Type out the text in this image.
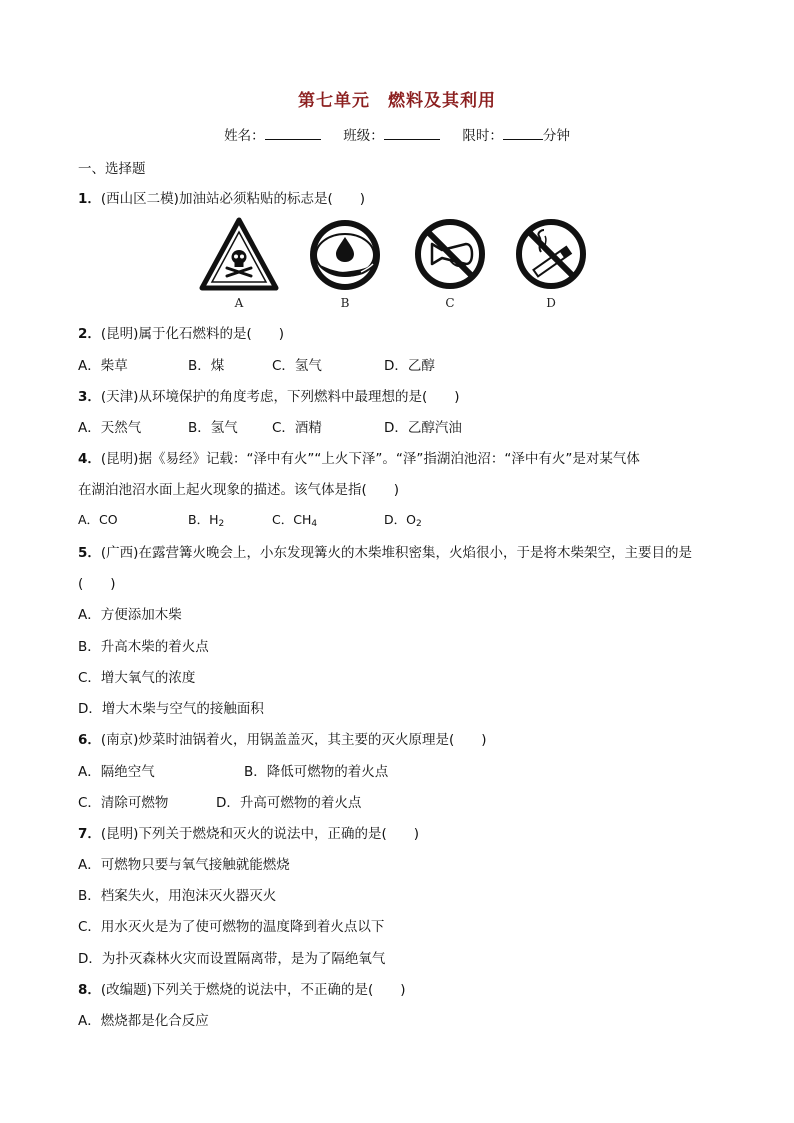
第七单元　燃料及其利用
姓名：	班级：	限时：	分钟
一、选择题
1．(西山区二模)加油站必须粘贴的标志是(　　)
A	B	C	D
2．(昆明)属于化石燃料的是(　　)
A．柴草	B．煤	C．氢气	D．乙醇
3．(天津)从环境保护的角度考虑，下列燃料中最理想的是(　　)
A．天然气	B．氢气	C．酒精	D．乙醇汽油
4．(昆明)据《易经》记载：“泽中有火”“上火下泽”。“泽”指湖泊池沼：“泽中有火”是对某气体
在湖泊池沼水面上起火现象的描述。该气体是指(　　)
A．CO	B．$H_2$	C．$CH_4$	D．$O_2$
5．(广西)在露营篝火晚会上，小东发现篝火的木柴堆积密集，火焰很小，于是将木柴架空，主要目的是
(　　)
A．方便添加木柴
B．升高木柴的着火点
C．增大氧气的浓度
D．增大木柴与空气的接触面积
6．(南京)炒菜时油锅着火，用锅盖盖灭，其主要的灭火原理是(　　)
A．隔绝空气	B．降低可燃物的着火点
C．清除可燃物	D．升高可燃物的着火点
7．(昆明)下列关于燃烧和灭火的说法中，正确的是(　　)
A．可燃物只要与氧气接触就能燃烧
B．档案失火，用泡沫灭火器灭火
C．用水灭火是为了使可燃物的温度降到着火点以下
D．为扑灭森林火灾而设置隔离带，是为了隔绝氧气
8．(改编题)下列关于燃烧的说法中，不正确的是(　　)
A．燃烧都是化合反应
